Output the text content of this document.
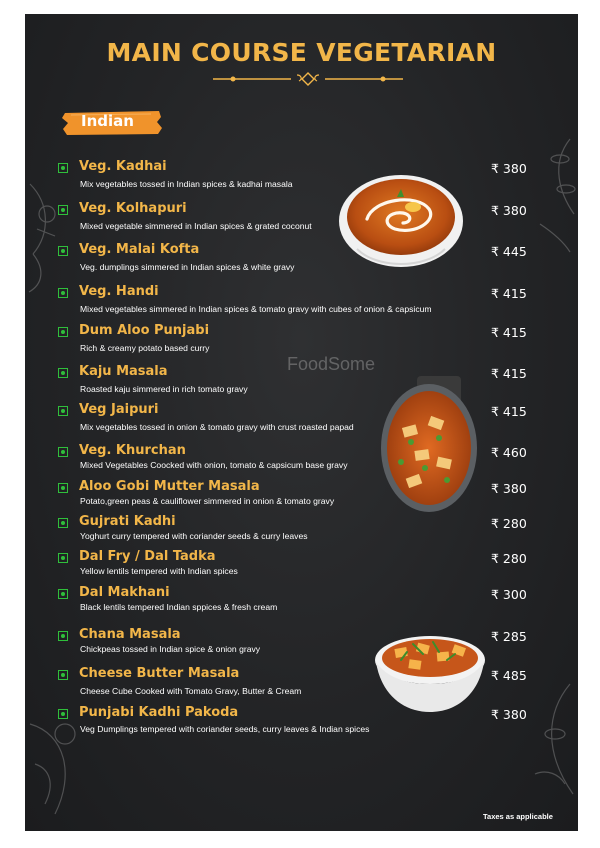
MAIN COURSE VEGETARIAN
Indian
Veg. Kadhai
Mix vegetables tossed in Indian spices & kadhai masala
₹ 380
Veg. Kolhapuri
Mixed vegetable simmered in Indian spices & grated coconut
₹ 380
Veg. Malai Kofta
Veg. dumplings simmered in Indian spices & white gravy
₹ 445
Veg. Handi
Mixed vegetables simmered in Indian spices & tomato gravy with cubes of onion & capsicum
₹ 415
Dum Aloo Punjabi
Rich & creamy potato based curry
₹ 415
Kaju Masala
Roasted kaju simmered in rich tomato gravy
₹ 415
Veg Jaipuri
Mix vegetables tossed in onion & tomato gravy with crust roasted papad
₹ 415
Veg. Khurchan
Mixed Vegetables Coocked with onion, tomato & capsicum base gravy
₹ 460
Aloo Gobi Mutter Masala
Potato,green peas & cauliflower simmered in onion & tomato gravy
₹ 380
Gujrati Kadhi
Yoghurt curry tempered with coriander seeds & curry leaves
₹ 280
Dal Fry / Dal Tadka
Yellow lentils tempered with Indian spices
₹ 280
Dal Makhani
Black lentils tempered Indian sppices & fresh cream
₹ 300
Chana Masala
Chickpeas tossed in Indian spice & onion gravy
₹ 285
Cheese Butter Masala
Cheese Cube Cooked with Tomato Gravy, Butter & Cream
₹ 485
Punjabi Kadhi Pakoda
Veg Dumplings tempered with coriander seeds, curry leaves & Indian spices
₹ 380
FoodSome
Taxes as applicable
